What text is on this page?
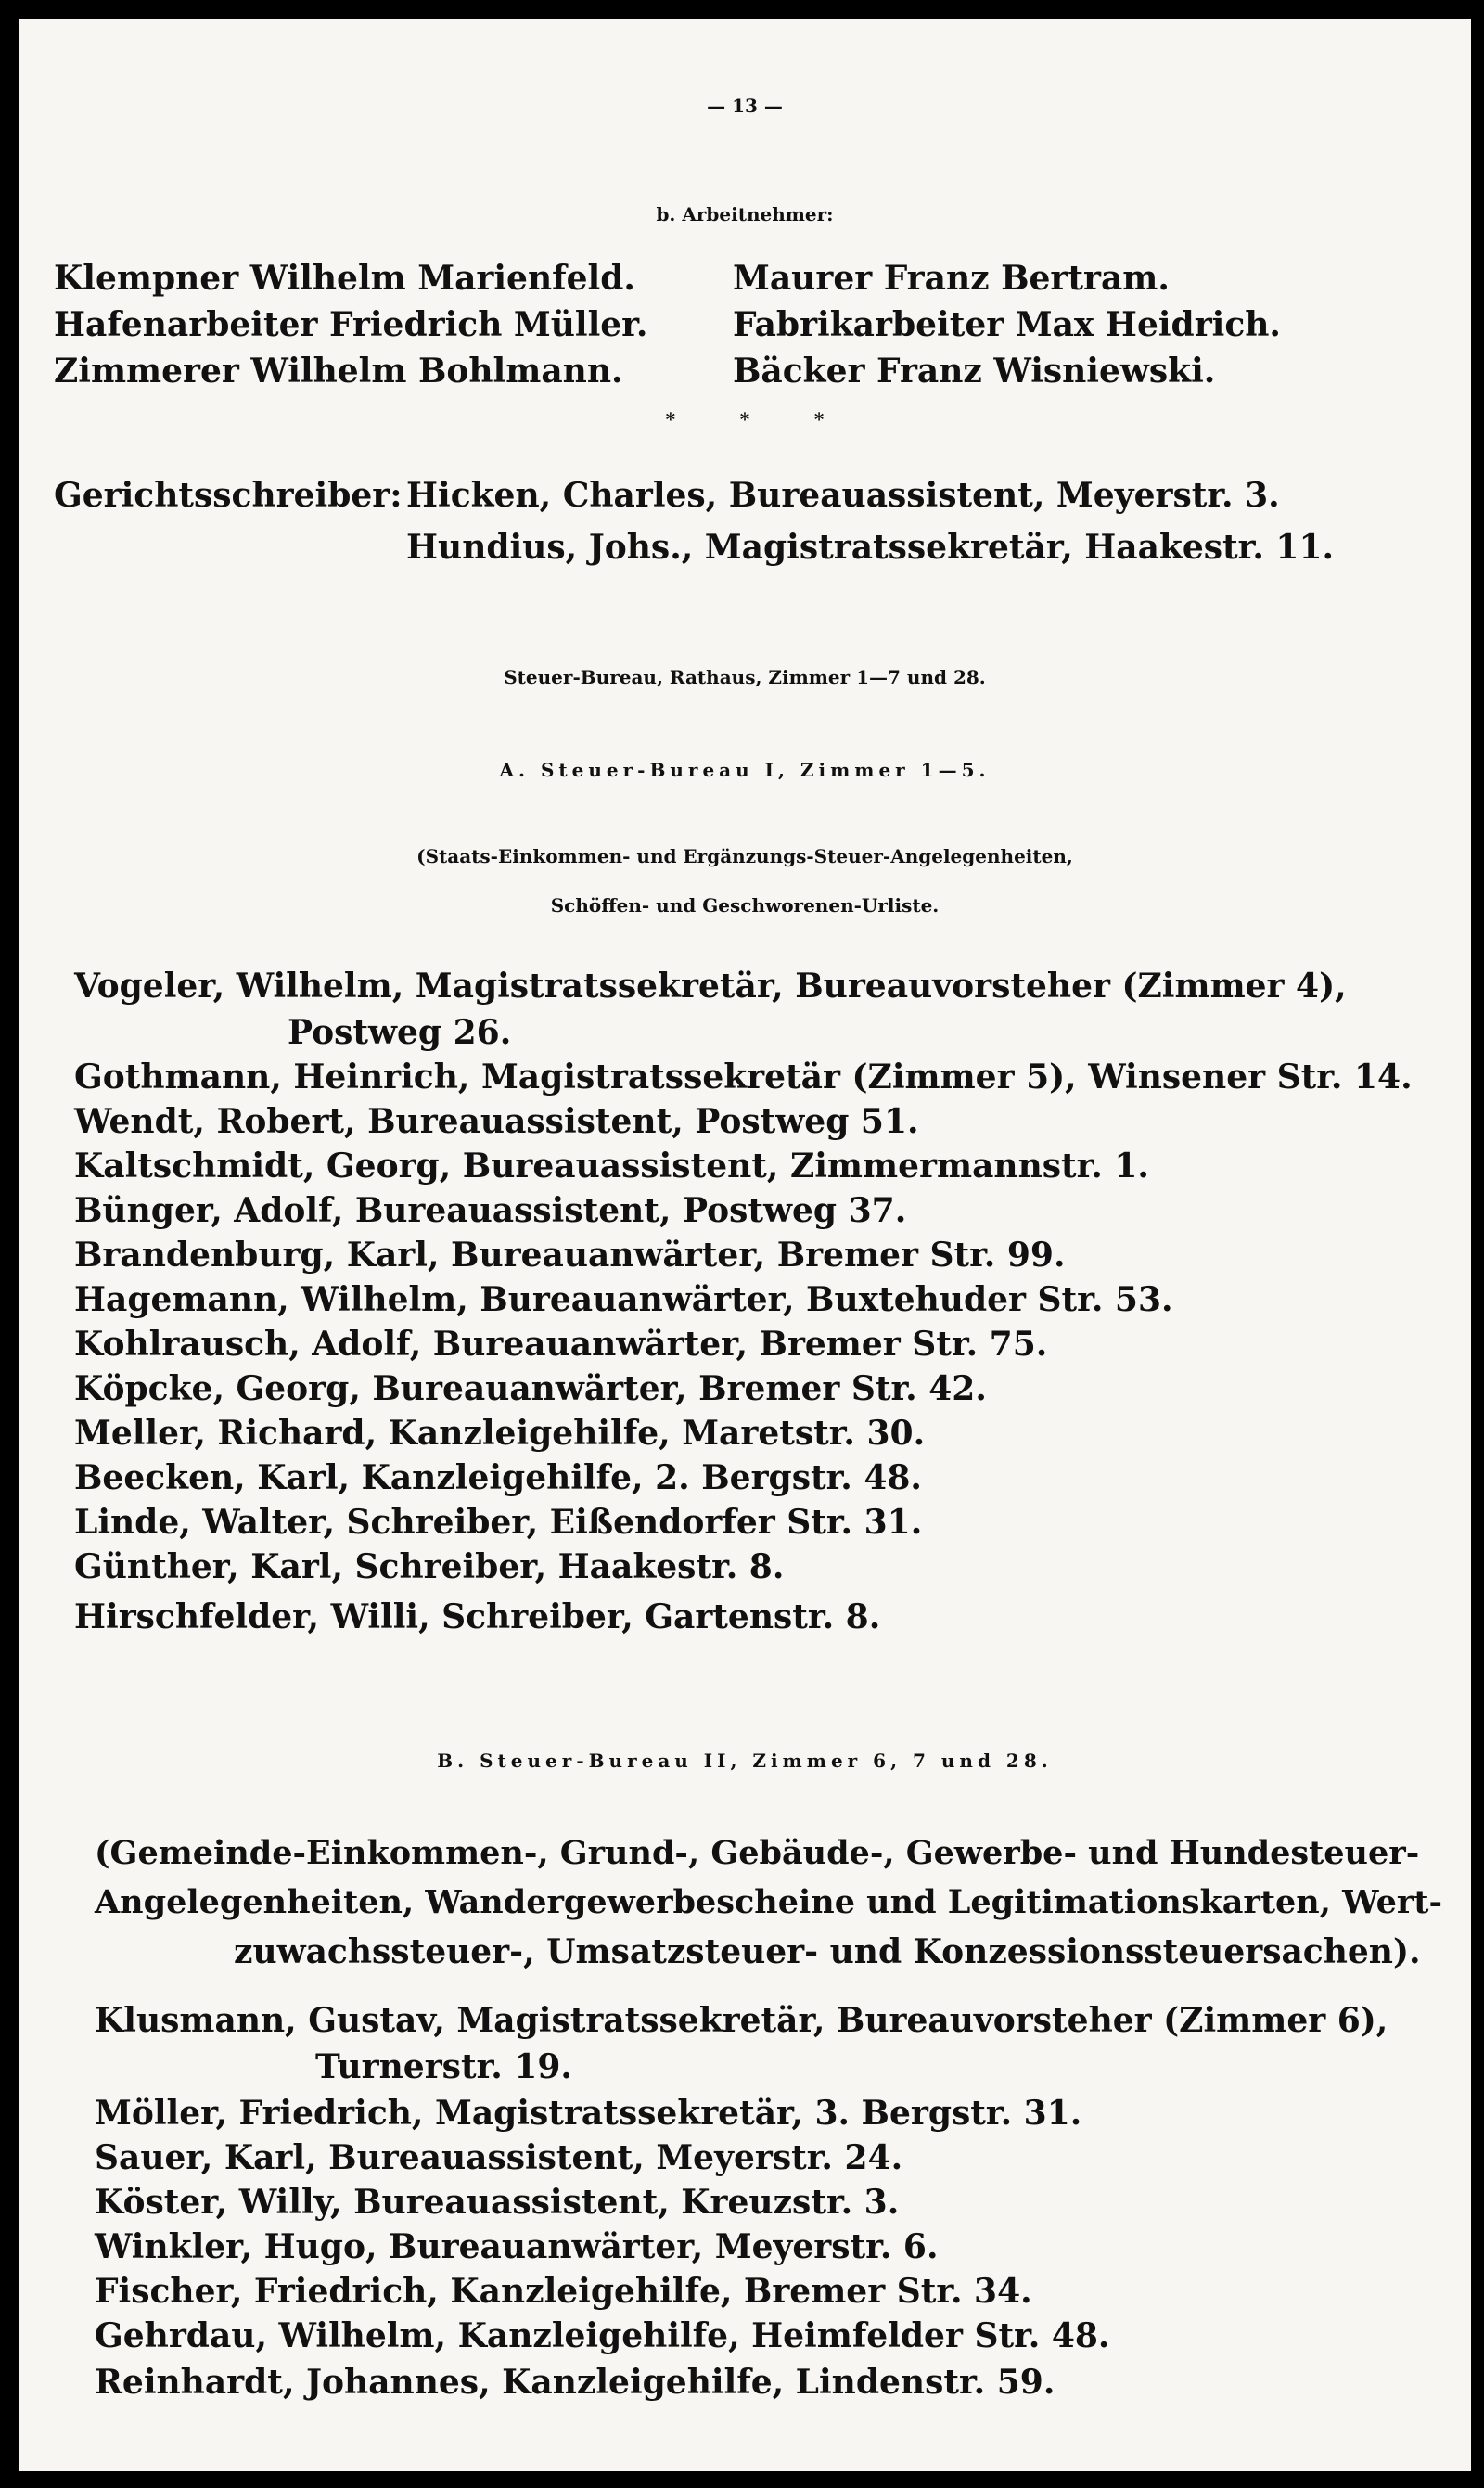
— 13 —
b. Arbeitnehmer:
Klempner Wilhelm Marienfeld.
Hafenarbeiter Friedrich Müller.
Zimmerer Wilhelm Bohlmann.
Maurer Franz Bertram.
Fabrikarbeiter Max Heidrich.
Bäcker Franz Wisniewski.
*          *          *
Gerichtsschreiber: Hicken, Charles, Bureauassistent, Meyerstr. 3.
Hundius, Johs., Magistratssekretär, Haakestr. 11.
Steuer-Bureau, Rathaus, Zimmer 1—7 und 28.
A. Steuer-Bureau I, Zimmer 1—5.
(Staats-Einkommen- und Ergänzungs-Steuer-Angelegenheiten,
Schöffen- und Geschworenen-Urliste.
Vogeler, Wilhelm, Magistratssekretär, Bureauvorsteher (Zimmer 4),
Postweg 26.
Gothmann, Heinrich, Magistratssekretär (Zimmer 5), Winsener Str. 14.
Wendt, Robert, Bureauassistent, Postweg 51.
Kaltschmidt, Georg, Bureauassistent, Zimmermannstr. 1.
Bünger, Adolf, Bureauassistent, Postweg 37.
Brandenburg, Karl, Bureauanwärter, Bremer Str. 99.
Hagemann, Wilhelm, Bureauanwärter, Buxtehuder Str. 53.
Kohlrausch, Adolf, Bureauanwärter, Bremer Str. 75.
Köpcke, Georg, Bureauanwärter, Bremer Str. 42.
Meller, Richard, Kanzleigehilfe, Maretstr. 30.
Beecken, Karl, Kanzleigehilfe, 2. Bergstr. 48.
Linde, Walter, Schreiber, Eißendorfer Str. 31.
Günther, Karl, Schreiber, Haakestr. 8.
Hirschfelder, Willi, Schreiber, Gartenstr. 8.
B. Steuer-Bureau II, Zimmer 6, 7 und 28.
(Gemeinde-Einkommen-, Grund-, Gebäude-, Gewerbe- und Hundesteuer-
Angelegenheiten, Wandergewerbescheine und Legitimationskarten, Wert-
zuwachssteuer-, Umsatzsteuer- und Konzessionssteuersachen).
Klusmann, Gustav, Magistratssekretär, Bureauvorsteher (Zimmer 6),
Turnerstr. 19.
Möller, Friedrich, Magistratssekretär, 3. Bergstr. 31.
Sauer, Karl, Bureauassistent, Meyerstr. 24.
Köster, Willy, Bureauassistent, Kreuzstr. 3.
Winkler, Hugo, Bureauanwärter, Meyerstr. 6.
Fischer, Friedrich, Kanzleigehilfe, Bremer Str. 34.
Gehrdau, Wilhelm, Kanzleigehilfe, Heimfelder Str. 48.
Reinhardt, Johannes, Kanzleigehilfe, Lindenstr. 59.
